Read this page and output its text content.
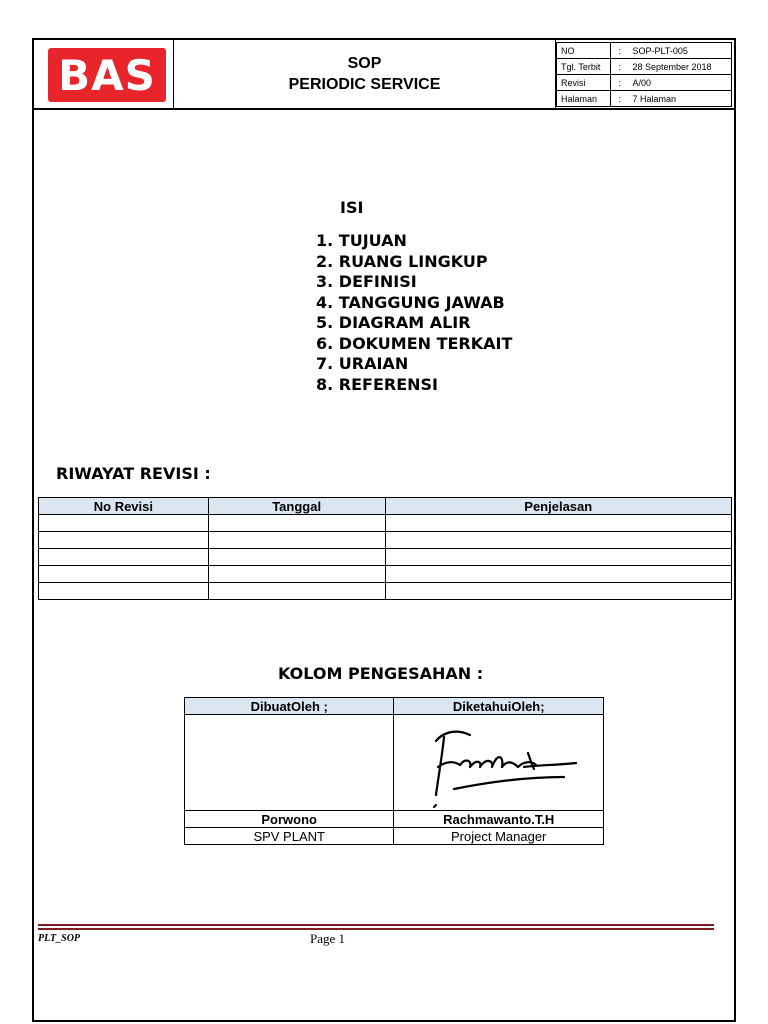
BAS	SOP
PERIODIC SERVICE
NO	:	SOP-PLT-005
Tgl. Terbit	:	28 September 2018
Revisi	:	A/00
Halaman	:	7 Halaman
ISI
1. TUJUAN
2. RUANG LINGKUP
3. DEFINISI
4. TANGGUNG JAWAB
5. DIAGRAM ALIR
6. DOKUMEN TERKAIT
7. URAIAN
8. REFERENSI
RIWAYAT REVISI :
No Revisi	Tanggal	Penjelasan

KOLOM PENGESAHAN :
DibuatOleh ;	DiketahuiOleh;

Porwono	Rachmawanto.T.H
SPV PLANT	Project Manager
PLT_SOP	Page 1
